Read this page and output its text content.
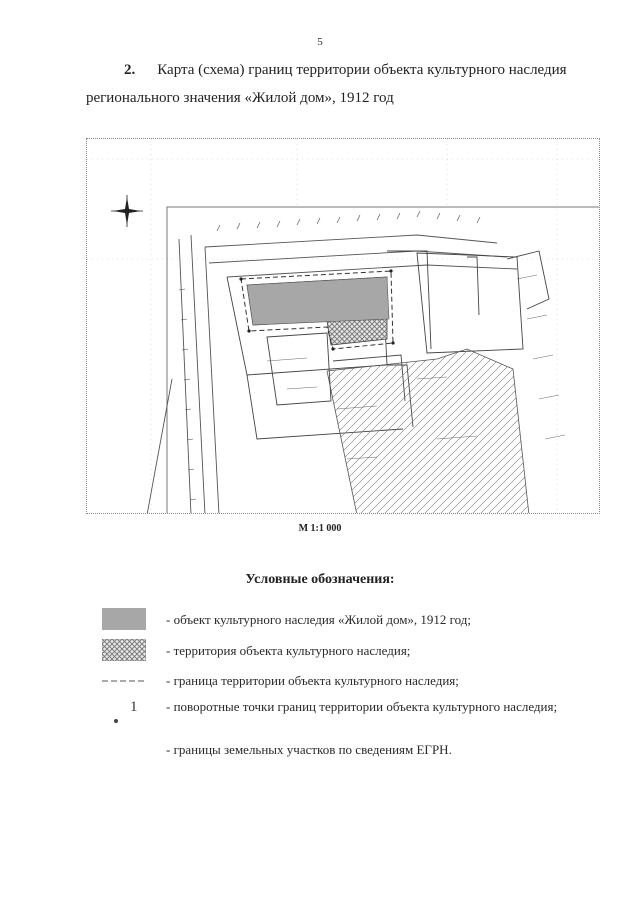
5
2. Карта (схема) границ территории объекта культурного наследия
регионального значения «Жилой дом», 1912 год
М 1:1 000
Условные обозначения:
- объект культурного наследия «Жилой дом», 1912 год;
- территория объекта культурного наследия;
- граница территории объекта культурного наследия;
1 - поворотные точки границ территории объекта культурного наследия;
- границы земельных участков по сведениям ЕГРН.
